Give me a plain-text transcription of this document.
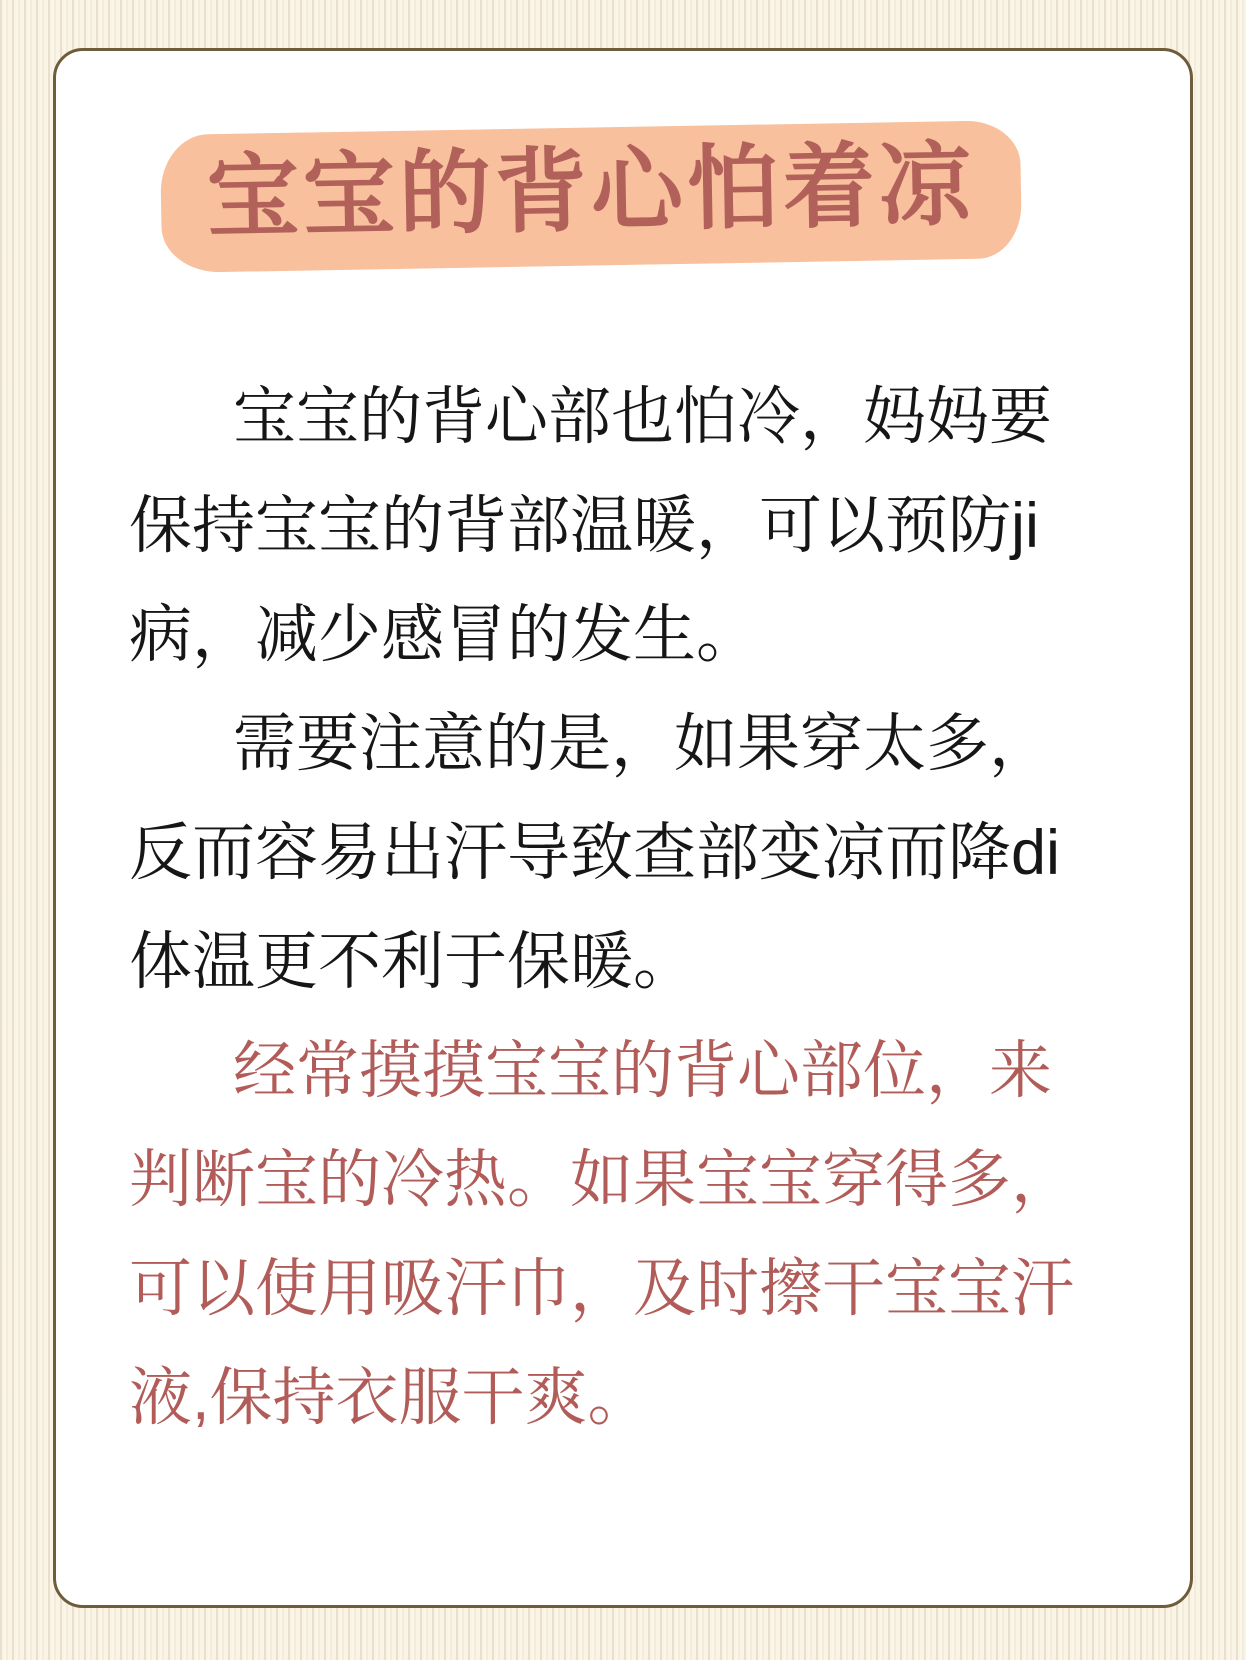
宝宝的背心怕着凉
宝宝的背心部也怕冷，妈妈要
保持宝宝的背部温暖，可以预防ji
病，减少感冒的发生。
需要注意的是，如果穿太多，
反而容易出汗导致查部变凉而降di
体温更不利于保暖。
经常摸摸宝宝的背心部位，来
判断宝的冷热。如果宝宝穿得多，
可以使用吸汗巾，及时擦干宝宝汗
液,保持衣服干爽。
